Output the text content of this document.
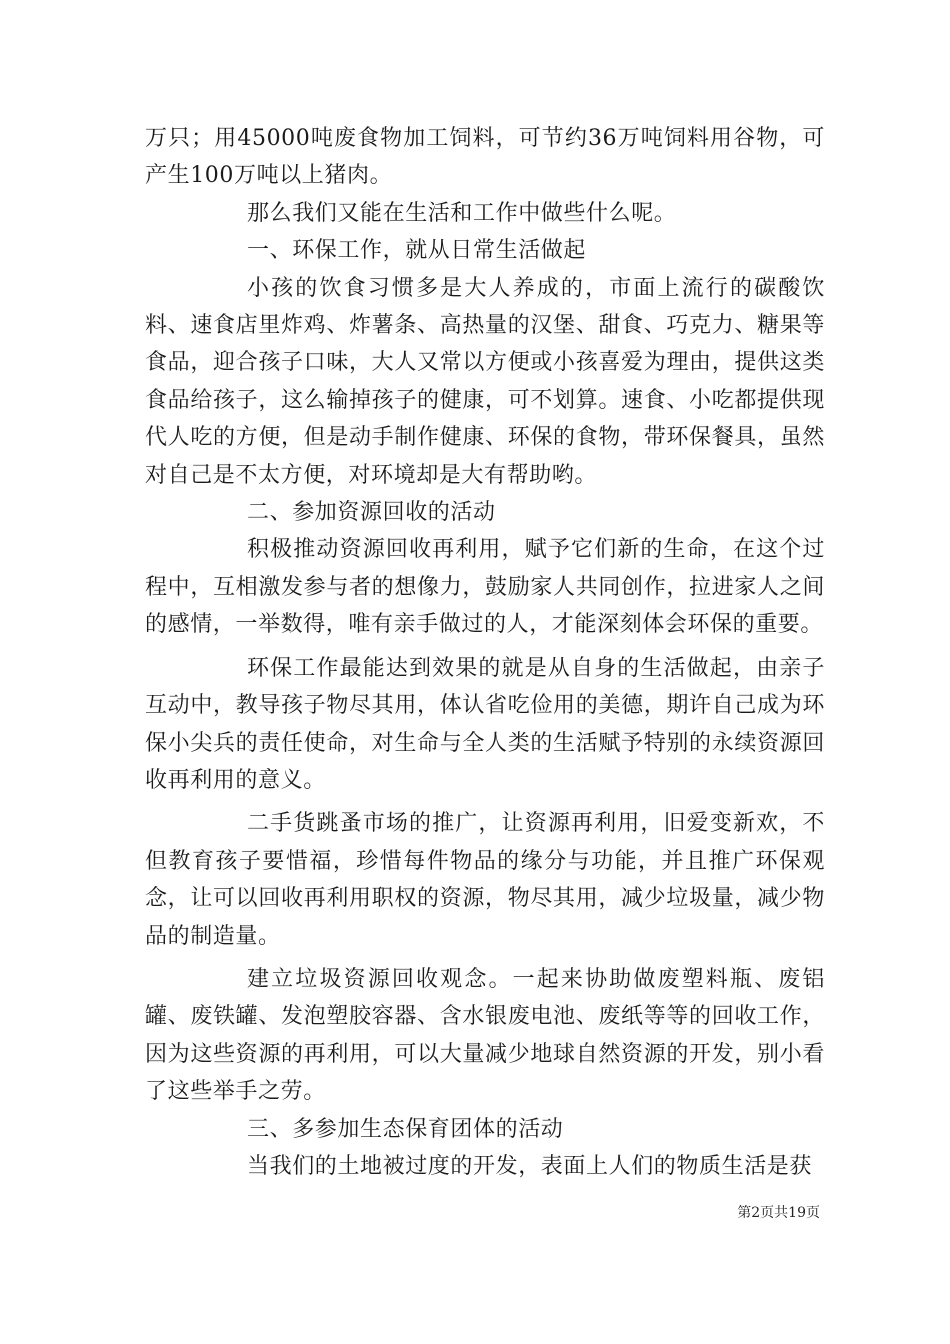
万只；用45000吨废食物加工饲料，可节约36万吨饲料用谷物，可产生100万吨以上猪肉。

那么我们又能在生活和工作中做些什么呢。

一、环保工作，就从日常生活做起

小孩的饮食习惯多是大人养成的，市面上流行的碳酸饮料、速食店里炸鸡、炸薯条、高热量的汉堡、甜食、巧克力、糖果等食品，迎合孩子口味，大人又常以方便或小孩喜爱为理由，提供这类食品给孩子，这么输掉孩子的健康，可不划算。速食、小吃都提供现代人吃的方便，但是动手制作健康、环保的食物，带环保餐具，虽然对自己是不太方便，对环境却是大有帮助哟。

二、参加资源回收的活动

积极推动资源回收再利用，赋予它们新的生命，在这个过程中，互相激发参与者的想像力，鼓励家人共同创作，拉进家人之间的感情，一举数得，唯有亲手做过的人，才能深刻体会环保的重要。

环保工作最能达到效果的就是从自身的生活做起，由亲子互动中，教导孩子物尽其用，体认省吃俭用的美德，期许自己成为环保小尖兵的责任使命，对生命与全人类的生活赋予特别的永续资源回收再利用的意义。

二手货跳蚤市场的推广，让资源再利用，旧爱变新欢，不但教育孩子要惜福，珍惜每件物品的缘分与功能，并且推广环保观念，让可以回收再利用职权的资源，物尽其用，减少垃圾量，减少物品的制造量。

建立垃圾资源回收观念。一起来协助做废塑料瓶、废铝罐、废铁罐、发泡塑胶容器、含水银废电池、废纸等等的回收工作，因为这些资源的再利用，可以大量减少地球自然资源的开发，别小看了这些举手之劳。

三、多参加生态保育团体的活动

当我们的土地被过度的开发，表面上人们的物质生活是获

第2页共19页
